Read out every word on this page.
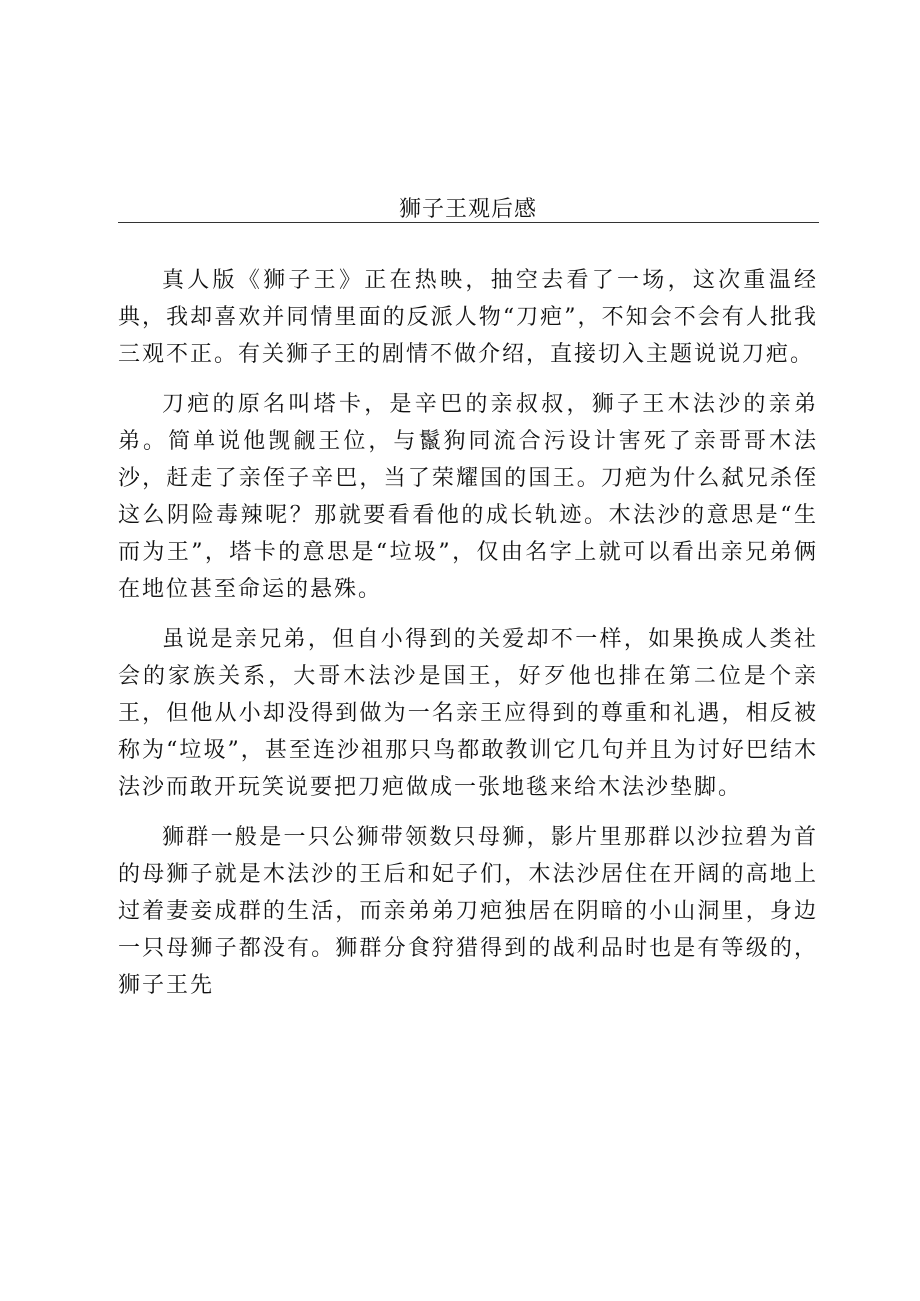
狮子王观后感

真人版《狮子王》正在热映，抽空去看了一场，这次重温经典，我却喜欢并同情里面的反派人物“刀疤”，不知会不会有人批我三观不正。有关狮子王的剧情不做介绍，直接切入主题说说刀疤。

刀疤的原名叫塔卡，是辛巴的亲叔叔，狮子王木法沙的亲弟弟。简单说他觊觎王位，与鬣狗同流合污设计害死了亲哥哥木法沙，赶走了亲侄子辛巴，当了荣耀国的国王。刀疤为什么弑兄杀侄这么阴险毒辣呢？那就要看看他的成长轨迹。木法沙的意思是“生而为王”，塔卡的意思是“垃圾”，仅由名字上就可以看出亲兄弟俩在地位甚至命运的悬殊。

虽说是亲兄弟，但自小得到的关爱却不一样，如果换成人类社会的家族关系，大哥木法沙是国王，好歹他也排在第二位是个亲王，但他从小却没得到做为一名亲王应得到的尊重和礼遇，相反被称为“垃圾”，甚至连沙祖那只鸟都敢教训它几句并且为讨好巴结木法沙而敢开玩笑说要把刀疤做成一张地毯来给木法沙垫脚。

狮群一般是一只公狮带领数只母狮，影片里那群以沙拉碧为首的母狮子就是木法沙的王后和妃子们，木法沙居住在开阔的高地上过着妻妾成群的生活，而亲弟弟刀疤独居在阴暗的小山洞里，身边一只母狮子都没有。狮群分食狩猎得到的战利品时也是有等级的，狮子王先
